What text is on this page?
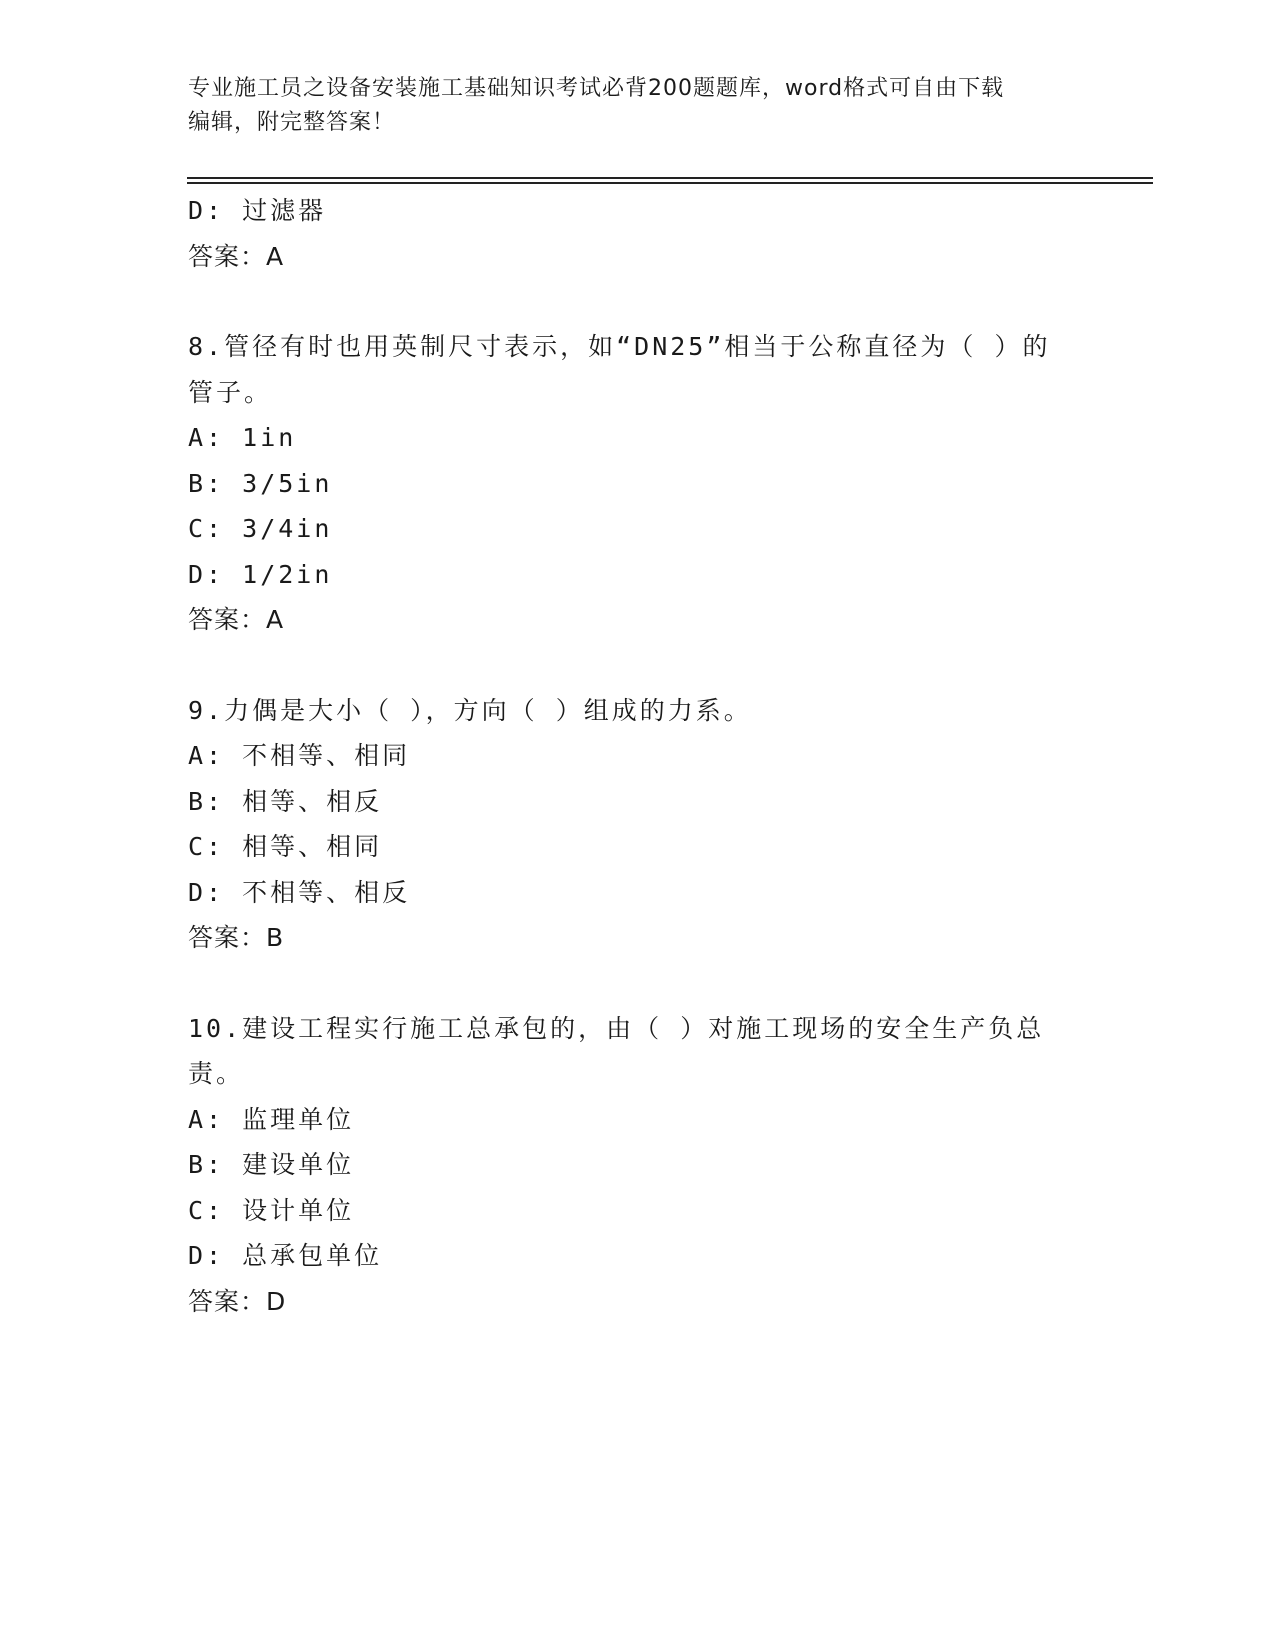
专业施工员之设备安装施工基础知识考试必背200题题库，word格式可自由下载
编辑，附完整答案！
D: 过滤器
答案：A
8.管径有时也用英制尺寸表示，如“DN25”相当于公称直径为（ ）的管子。
A: 1in
B: 3/5in
C: 3/4in
D: 1/2in
答案：A
9.力偶是大小（ ），方向（ ）组成的力系。
A: 不相等、相同
B: 相等、相反
C: 相等、相同
D: 不相等、相反
答案：B
10.建设工程实行施工总承包的，由（ ）对施工现场的安全生产负总责。
A: 监理单位
B: 建设单位
C: 设计单位
D: 总承包单位
答案：D
